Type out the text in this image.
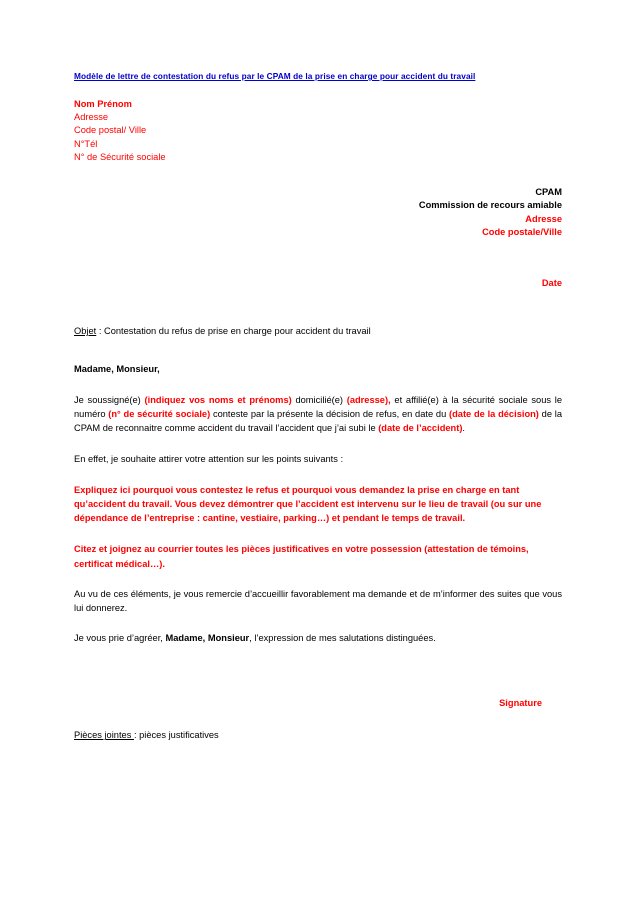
Modèle de lettre de contestation du refus par le CPAM de la prise en charge pour accident du travail
Nom Prénom
Adresse
Code postal/ Ville
N°Tél
N° de Sécurité sociale
CPAM
Commission de recours amiable
Adresse
Code postale/Ville
Date
Objet : Contestation du refus de prise en charge pour accident du travail
Madame, Monsieur,

Je soussigné(e) (indiquez vos noms et prénoms) domicilié(e) (adresse), et affilié(e) à la sécurité sociale sous le numéro (n° de sécurité sociale) conteste par la présente la décision de refus, en date du (date de la décision) de la CPAM de reconnaitre comme accident du travail l’accident que j’ai subi le (date de l’accident).

En effet, je souhaite attirer votre attention sur les points suivants :

Expliquez ici pourquoi vous contestez le refus et pourquoi vous demandez la prise en charge en tant qu’accident du travail. Vous devez démontrer que l’accident est intervenu sur le lieu de travail (ou sur une dépendance de l’entreprise : cantine, vestiaire, parking…) et pendant le temps de travail.

Citez et joignez au courrier toutes les pièces justificatives en votre possession (attestation de témoins, certificat médical…).

Au vu de ces éléments, je vous remercie d’accueillir favorablement ma demande et de m’informer des suites que vous lui donnerez.

Je vous prie d’agréer, Madame, Monsieur, l’expression de mes salutations distinguées.

Signature
Pièces jointes : pièces justificatives
